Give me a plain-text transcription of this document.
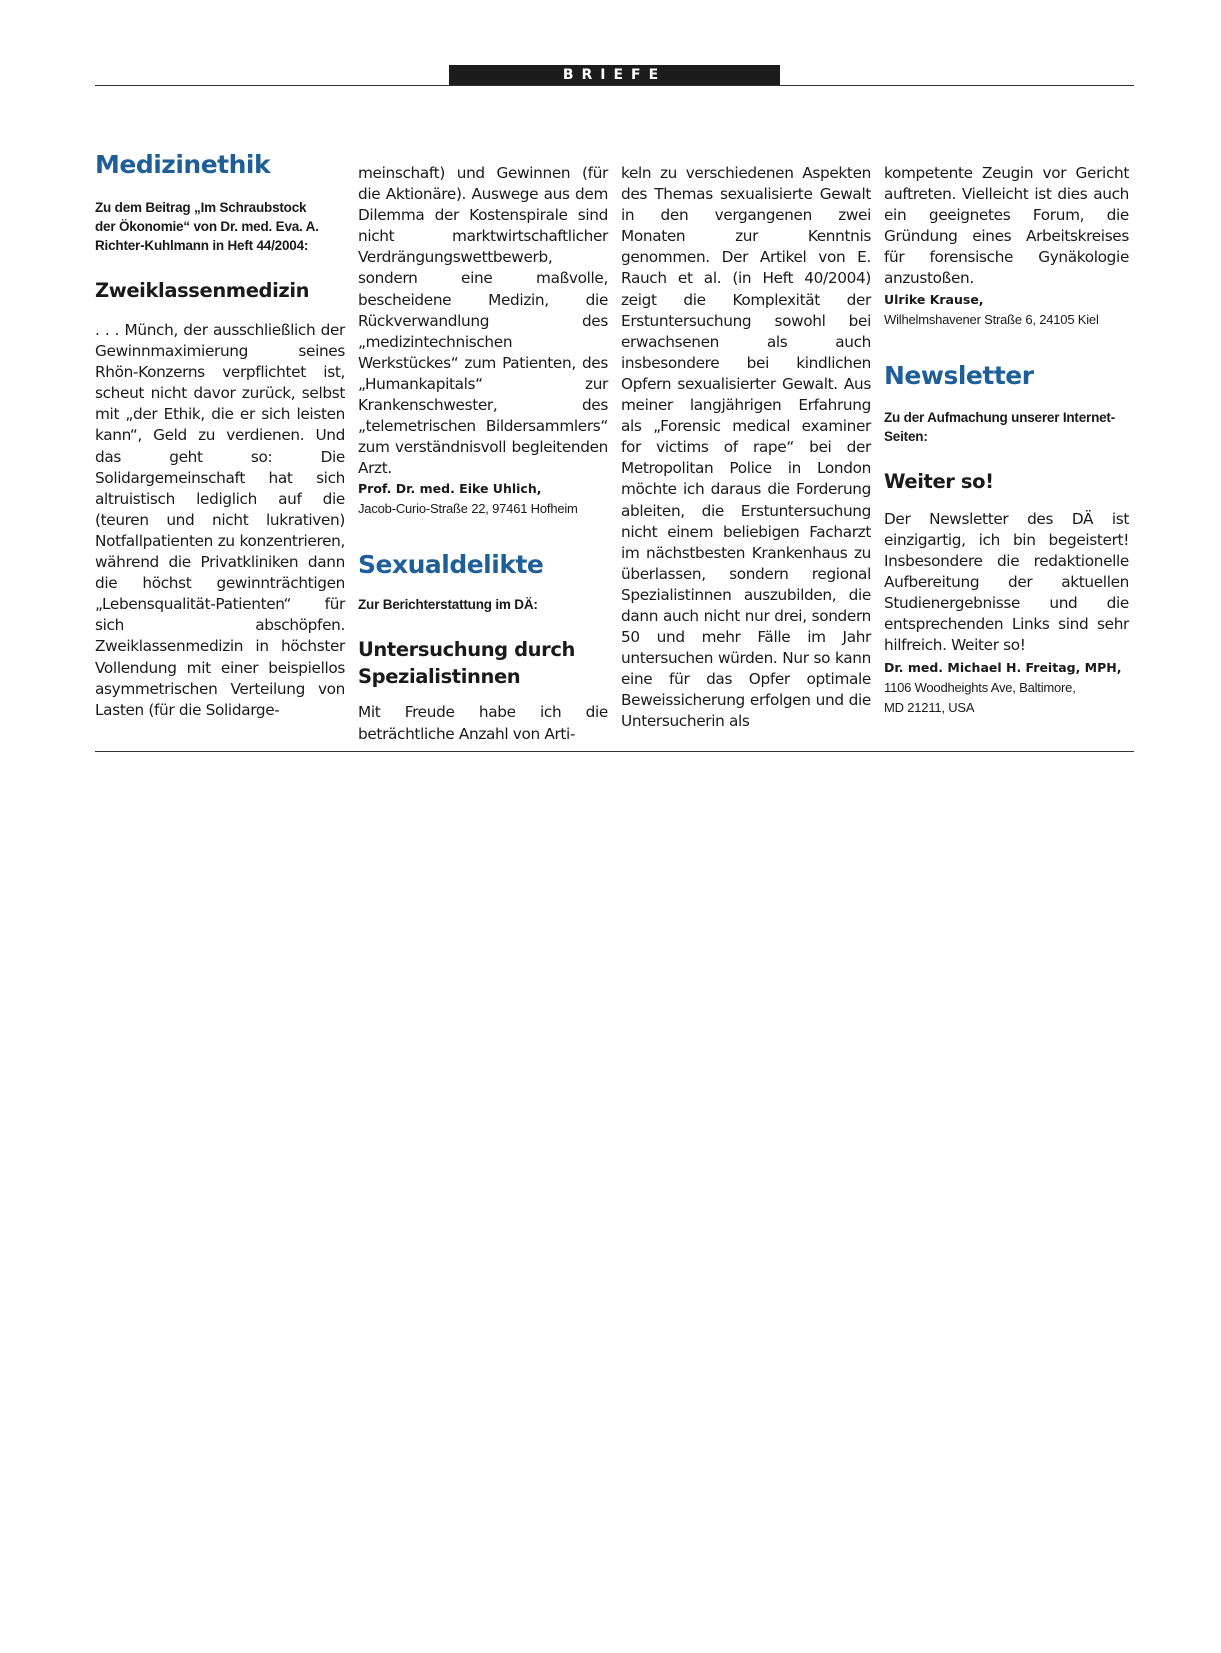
BRIEFE
Medizinethik

Zu dem Beitrag „Im Schraubstock der Ökonomie“ von Dr. med. Eva. A. Richter-Kuhlmann in Heft 44/2004:

Zweiklassenmedizin

. . . Münch, der ausschließlich der Gewinnmaximierung seines Rhön-Konzerns verpflichtet ist, scheut nicht davor zurück, selbst mit „der Ethik, die er sich leisten kann“, Geld zu verdienen. Und das geht so: Die Solidargemeinschaft hat sich altruistisch lediglich auf die (teuren und nicht lukrativen) Notfallpatienten zu konzentrieren, während die Privatkliniken dann die höchst gewinnträchtigen „Lebensqualität-Patienten“ für sich abschöpfen. Zweiklassenmedizin in höchster Vollendung mit einer beispiellos asymmetrischen Verteilung von Lasten (für die Solidarge-

meinschaft) und Gewinnen (für die Aktionäre). Auswege aus dem Dilemma der Kostenspirale sind nicht marktwirtschaftlicher Verdrängungswettbewerb, sondern eine maßvolle, bescheidene Medizin, die Rückverwandlung des „medizintechnischen Werkstückes“ zum Patienten, des „Humankapitals“ zur Krankenschwester, des „telemetrischen Bildersammlers“ zum verständnisvoll begleitenden Arzt.

Prof. Dr. med. Eike Uhlich,

Jacob-Curio-Straße 22, 97461 Hofheim

Sexualdelikte

Zur Berichterstattung im DÄ:

Untersuchung durch Spezialistinnen

Mit Freude habe ich die beträchtliche Anzahl von Arti-

keln zu verschiedenen Aspekten des Themas sexualisierte Gewalt in den vergangenen zwei Monaten zur Kenntnis genommen. Der Artikel von E. Rauch et al. (in Heft 40/2004) zeigt die Komplexität der Erstuntersuchung sowohl bei erwachsenen als auch insbesondere bei kindlichen Opfern sexualisierter Gewalt. Aus meiner langjährigen Erfahrung als „Forensic medical examiner for victims of rape“ bei der Metropolitan Police in London möchte ich daraus die Forderung ableiten, die Erstuntersuchung nicht einem beliebigen Facharzt im nächstbesten Krankenhaus zu überlassen, sondern regional Spezialistinnen auszubilden, die dann auch nicht nur drei, sondern 50 und mehr Fälle im Jahr untersuchen würden. Nur so kann eine für das Opfer optimale Beweissicherung erfolgen und die Untersucherin als

kompetente Zeugin vor Gericht auftreten. Vielleicht ist dies auch ein geeignetes Forum, die Gründung eines Arbeitskreises für forensische Gynäkologie anzustoßen.

Ulrike Krause,

Wilhelmshavener Straße 6, 24105 Kiel

Newsletter

Zu der Aufmachung unserer Internet-Seiten:

Weiter so!

Der Newsletter des DÄ ist einzigartig, ich bin begeistert! Insbesondere die redaktionelle Aufbereitung der aktuellen Studienergebnisse und die entsprechenden Links sind sehr hilfreich. Weiter so!

Dr. med. Michael H. Freitag, MPH,

1106 Woodheights Ave, Baltimore,

MD 21211, USA
